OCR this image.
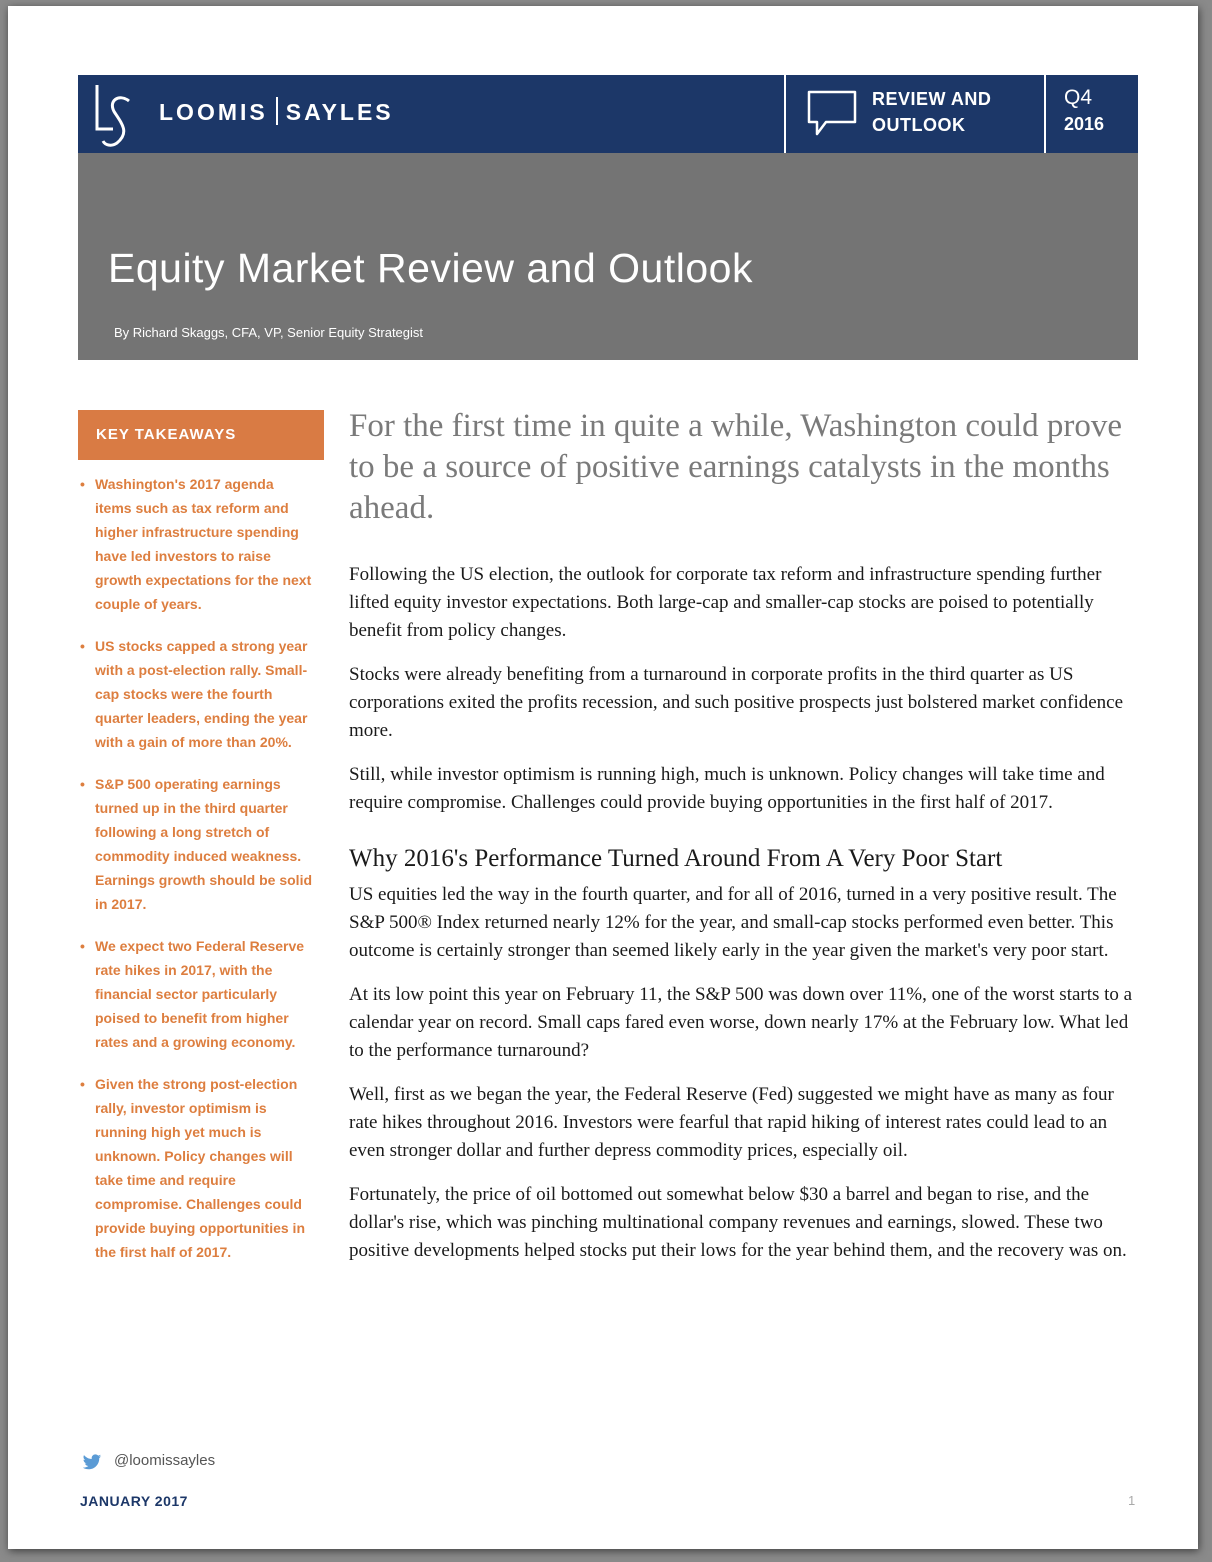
LOOMIS SAYLES	REVIEW AND
OUTLOOK
Q4
2016
Equity Market Review and Outlook
By Richard Skaggs, CFA, VP, Senior Equity Strategist
KEY TAKEAWAYS
• Washington's 2017 agenda items such as tax reform and higher infrastructure spending have led investors to raise growth expectations for the next couple of years.
• US stocks capped a strong year with a post-election rally. Small-cap stocks were the fourth quarter leaders, ending the year with a gain of more than 20%.
• S&P 500 operating earnings turned up in the third quarter following a long stretch of commodity induced weakness. Earnings growth should be solid in 2017.
• We expect two Federal Reserve rate hikes in 2017, with the financial sector particularly poised to benefit from higher rates and a growing economy.
• Given the strong post-election rally, investor optimism is running high yet much is unknown. Policy changes will take time and require compromise. Challenges could provide buying opportunities in the first half of 2017.

For the first time in quite a while, Washington could prove to be a source of positive earnings catalysts in the months ahead.

Following the US election, the outlook for corporate tax reform and infrastructure spending further lifted equity investor expectations. Both large-cap and smaller-cap stocks are poised to potentially benefit from policy changes.

Stocks were already benefiting from a turnaround in corporate profits in the third quarter as US corporations exited the profits recession, and such positive prospects just bolstered market confidence more.

Still, while investor optimism is running high, much is unknown. Policy changes will take time and require compromise. Challenges could provide buying opportunities in the first half of 2017.

Why 2016's Performance Turned Around From A Very Poor Start

US equities led the way in the fourth quarter, and for all of 2016, turned in a very positive result. The S&P 500® Index returned nearly 12% for the year, and small-cap stocks performed even better. This outcome is certainly stronger than seemed likely early in the year given the market's very poor start.

At its low point this year on February 11, the S&P 500 was down over 11%, one of the worst starts to a calendar year on record. Small caps fared even worse, down nearly 17% at the February low. What led to the performance turnaround?

Well, first as we began the year, the Federal Reserve (Fed) suggested we might have as many as four rate hikes throughout 2016. Investors were fearful that rapid hiking of interest rates could lead to an even stronger dollar and further depress commodity prices, especially oil.

Fortunately, the price of oil bottomed out somewhat below $30 a barrel and began to rise, and the dollar's rise, which was pinching multinational company revenues and earnings, slowed. These two positive developments helped stocks put their lows for the year behind them, and the recovery was on.

@loomissayles
JANUARY 2017	1
